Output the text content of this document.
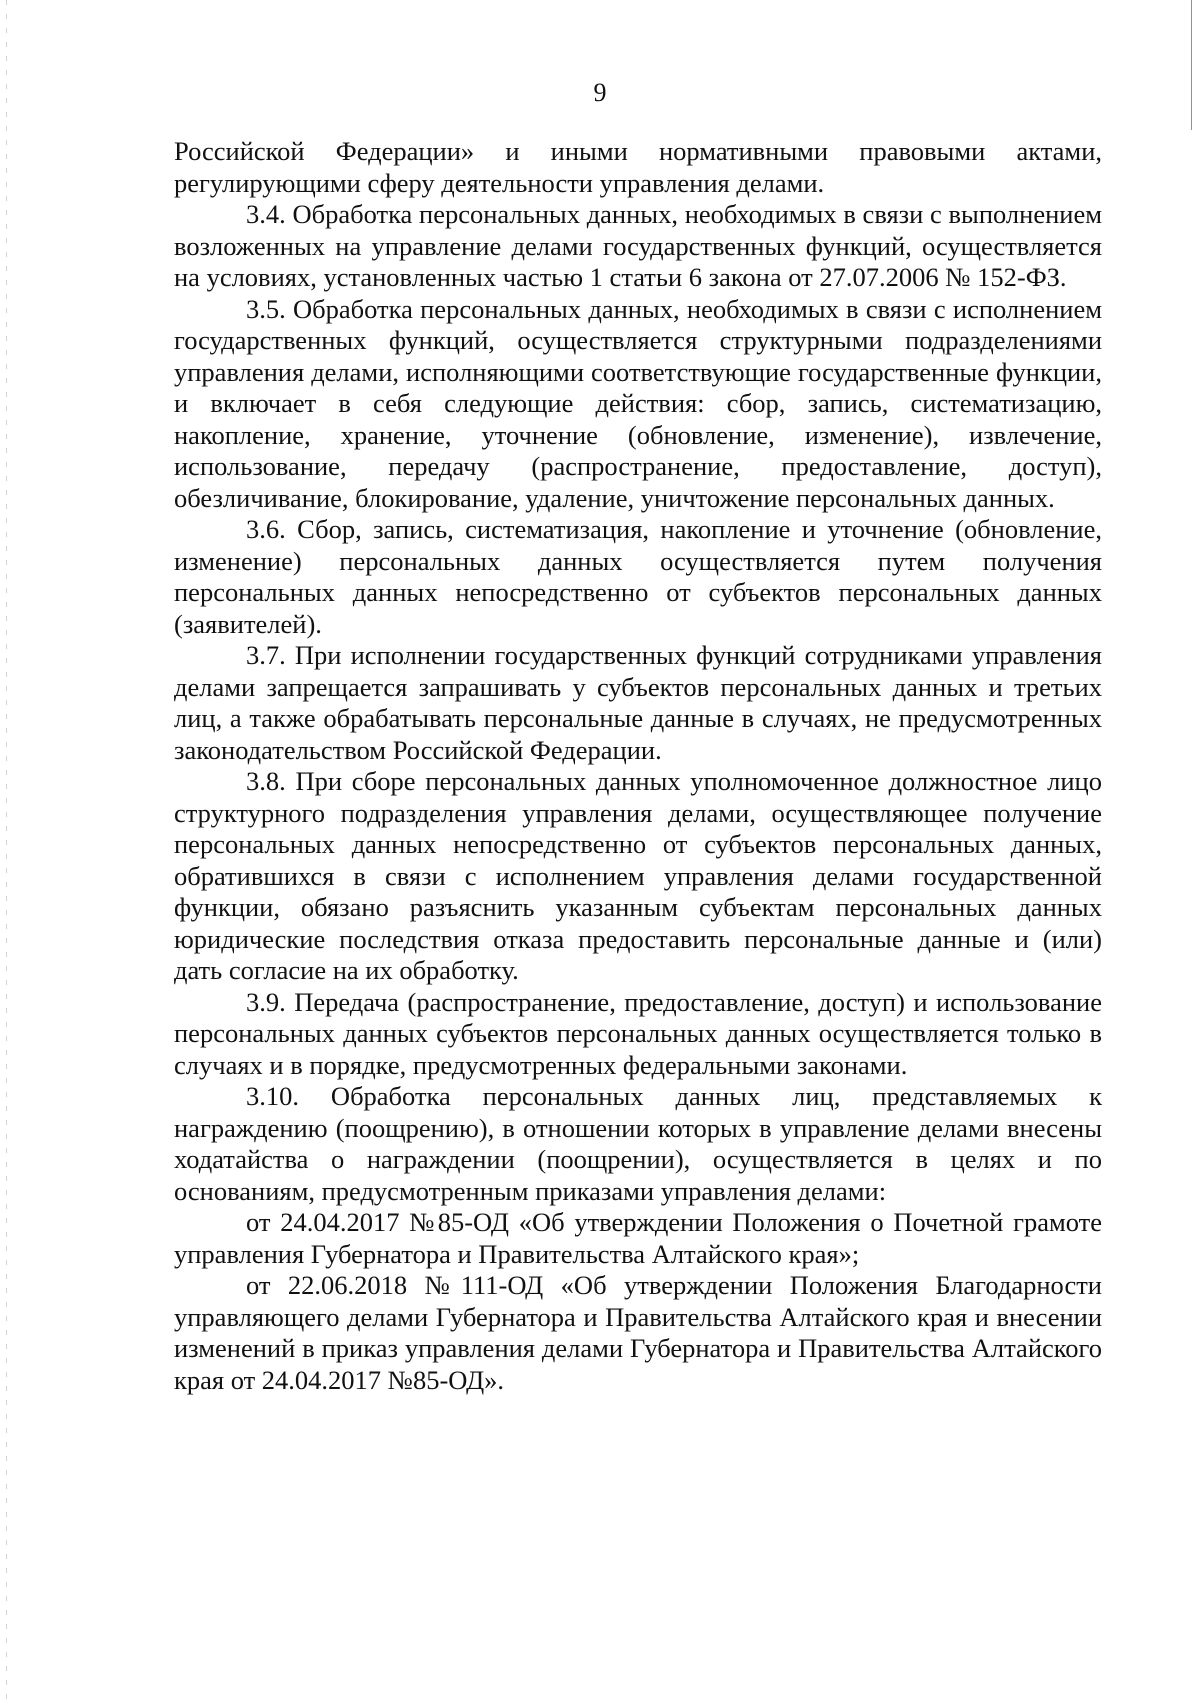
9

Российской Федерации» и иными нормативными правовыми актами, регулирующими сферу деятельности управления делами.

3.4. Обработка персональных данных, необходимых в связи с выполнением возложенных на управление делами государственных функций, осуществляется на условиях, установленных частью 1 статьи 6 закона от 27.07.2006 № 152-ФЗ.

3.5. Обработка персональных данных, необходимых в связи с исполнением государственных функций, осуществляется структурными подразделениями управления делами, исполняющими соответствующие государственные функции, и включает в себя следующие действия: сбор, запись, систематизацию, накопление, хранение, уточнение (обновление, изменение), извлечение, использование, передачу (распространение, предоставление, доступ), обезличивание, блокирование, удаление, уничтожение персональных данных.

3.6. Сбор, запись, систематизация, накопление и уточнение (обновление, изменение) персональных данных осуществляется путем получения персональных данных непосредственно от субъектов персональных данных (заявителей).

3.7. При исполнении государственных функций сотрудниками управления делами запрещается запрашивать у субъектов персональных данных и третьих лиц, а также обрабатывать персональные данные в случаях, не предусмотренных законодательством Российской Федерации.

3.8. При сборе персональных данных уполномоченное должностное лицо структурного подразделения управления делами, осуществляющее получение персональных данных непосредственно от субъектов персональных данных, обратившихся в связи с исполнением управления делами государственной функции, обязано разъяснить указанным субъектам персональных данных юридические последствия отказа предоставить персональные данные и (или) дать согласие на их обработку.

3.9. Передача (распространение, предоставление, доступ) и использование персональных данных субъектов персональных данных осуществляется только в случаях и в порядке, предусмотренных федеральными законами.

3.10. Обработка персональных данных лиц, представляемых к награждению (поощрению), в отношении которых в управление делами внесены ходатайства о награждении (поощрении), осуществляется в целях и по основаниям, предусмотренным приказами управления делами:

от 24.04.2017 №85-ОД «Об утверждении Положения о Почетной грамоте управления Губернатора и Правительства Алтайского края»;

от 22.06.2018 №111-ОД «Об утверждении Положения Благодарности управляющего делами Губернатора и Правительства Алтайского края и внесении изменений в приказ управления делами Губернатора и Правительства Алтайского края от 24.04.2017 №85-ОД».
